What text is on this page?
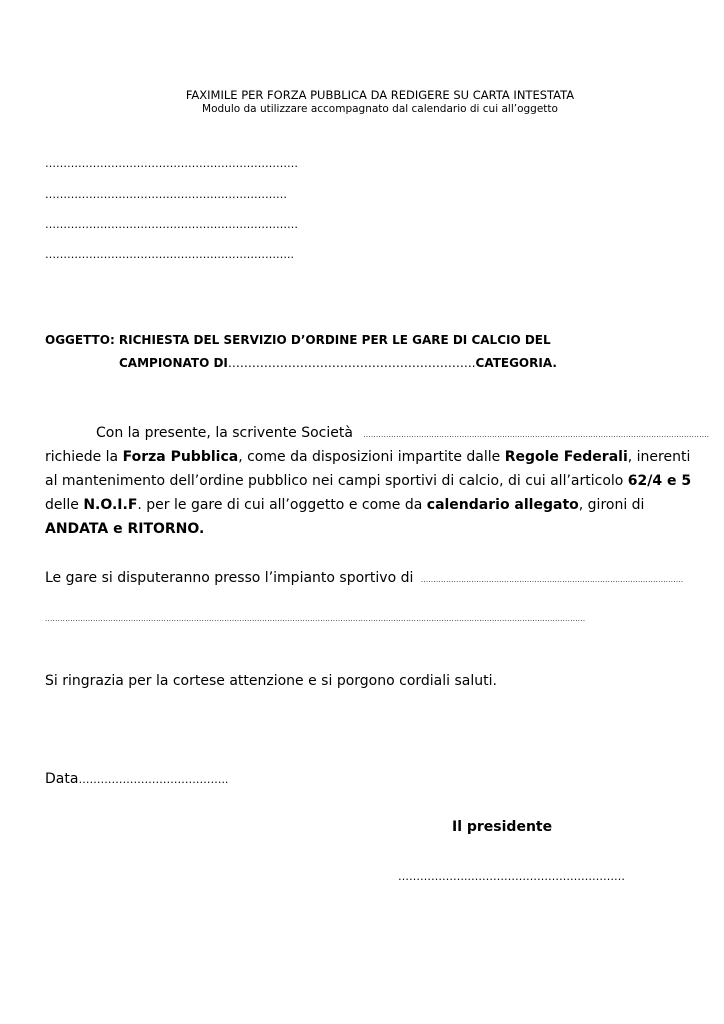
FAXIMILE PER FORZA PUBBLICA DA REDIGERE SU CARTA INTESTATA
Modulo da utilizzare accompagnato dal calendario di cui all’oggetto
……………………………………………………………
…………………………………………………………
……………………………………………………………
…………………………………………………………..
OGGETTO: RICHIESTA DEL SERVIZIO D’ORDINE PER LE GARE DI CALCIO DEL
CAMPIONATO DI……………………………………………………..CATEGORIA.
Con la presente, la scrivente Società .........................................................................................................................................
richiede la Forza Pubblica, come da disposizioni impartite dalle Regole Federali, inerenti
al mantenimento dell’ordine pubblico nei campi sportivi di calcio, di cui all’articolo 62/4 e 5
delle N.O.I.F. per le gare di cui all’oggetto e come da calendario allegato, gironi di
ANDATA e RITORNO.
Le gare si disputeranno presso l’impianto sportivo di ........................................................................................................
......................................................................................................................................................................................................................
Si ringrazia per la cortese attenzione e si porgono cordiali saluti.
Data…………………………………..
Il presidente
………………..……………………………………
